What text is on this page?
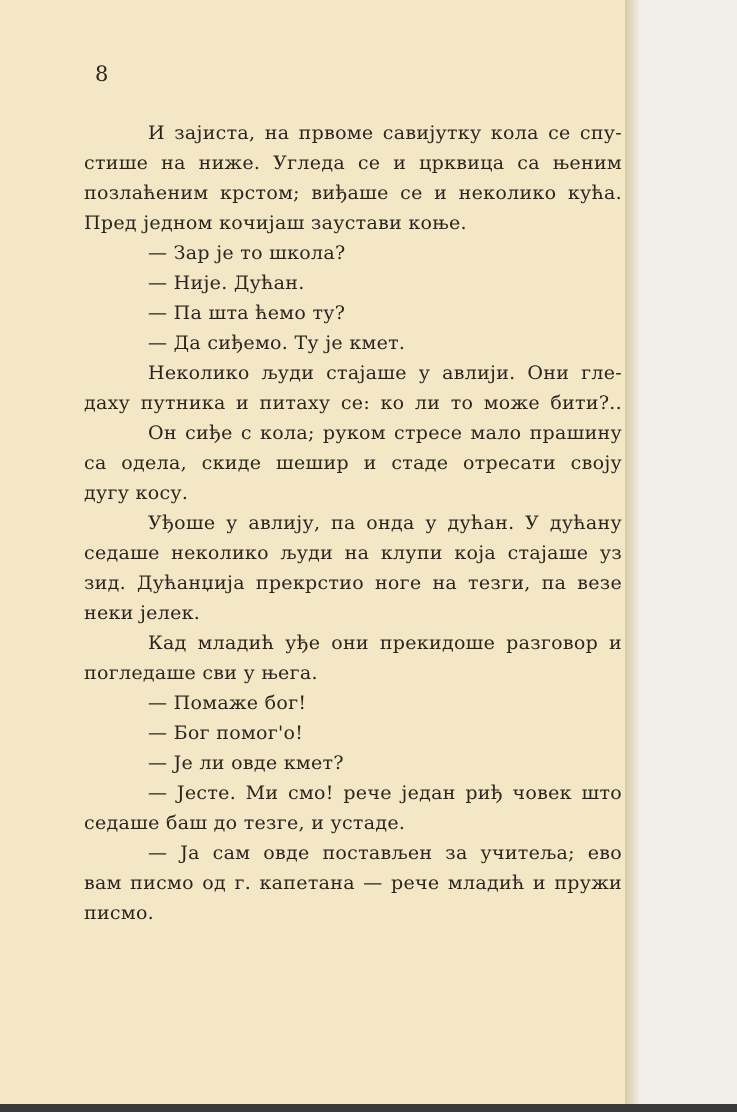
8
И зајиста, на првоме савијутку кола се спу-
стише на ниже. Угледа се и црквица са њеним
позлаћеним крстом; виђаше се и неколико кућа.
Пред једном кочијаш заустави коње.
— Зар је то школа?
— Није. Дућан.
— Па шта ћемо ту?
— Да сиђемо. Ту је кмет.
Неколико људи стајаше у авлији. Они гле-
даху путника и питаху се: ко ли то може бити?..
Он сиђе с кола; руком стресе мало прашину
са одела, скиде шешир и стаде отресати своју
дугу косу.
Уђоше у авлију, па онда у дућан. У дућану
седаше неколико људи на клупи која стајаше уз
зид. Дућанџија прекрстио ноге на тезги, па везе
неки јелек.
Кад младић уђе они прекидоше разговор и
погледаше сви у њега.
— Помаже бог!
— Бог помог'о!
— Је ли овде кмет?
— Јесте. Ми смо! рече један риђ човек што
седаше баш до тезге, и устаде.
— Ја сам овде постављен за учитеља; ево
вам писмо од г. капетана — рече младић и пружи
писмо.
